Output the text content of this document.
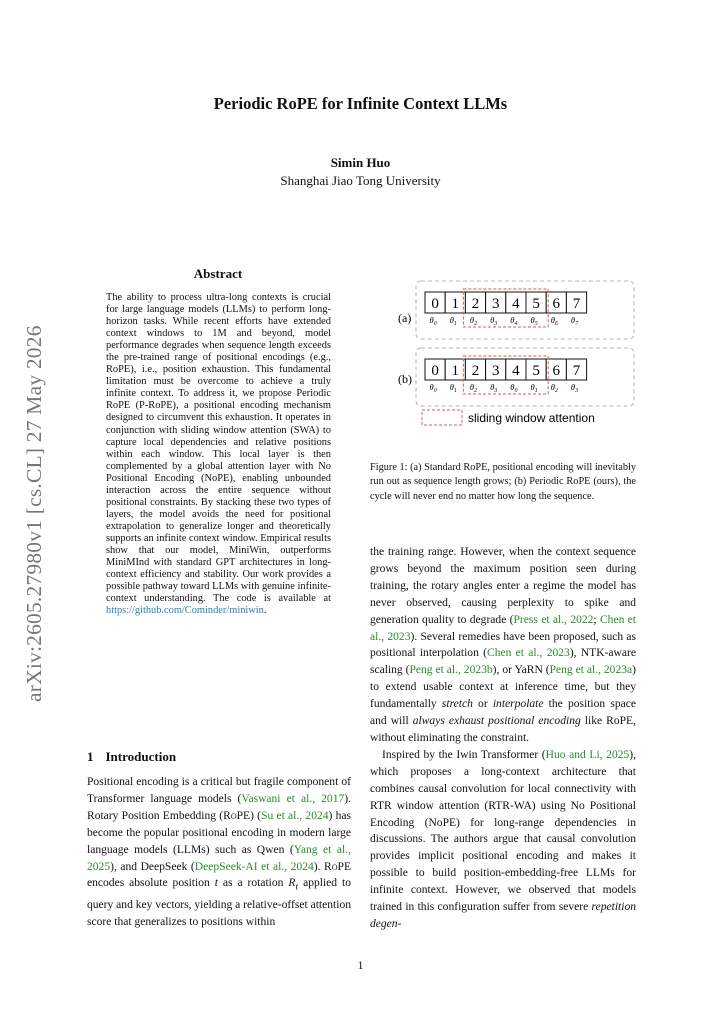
arXiv:2605.27980v1 [cs.CL] 27 May 2026
Periodic RoPE for Infinite Context LLMs
Simin Huo
Shanghai Jiao Tong University
Abstract
The ability to process ultra-long contexts is crucial for large language models (LLMs) to perform long-horizon tasks. While recent efforts have extended context windows to 1M and beyond, model performance degrades when sequence length exceeds the pre-trained range of positional encodings (e.g., RoPE), i.e., position exhaustion. This fundamental limitation must be overcome to achieve a truly infinite context. To address it, we propose Periodic RoPE (P-RoPE), a positional encoding mechanism designed to circumvent this exhaustion. It operates in conjunction with sliding window attention (SWA) to capture local dependencies and relative positions within each window. This local layer is then complemented by a global attention layer with No Positional Encoding (NoPE), enabling unbounded interaction across the entire sequence without positional constraints. By stacking these two types of layers, the model avoids the need for positional extrapolation to generalize longer and theoretically supports an infinite context window. Empirical results show that our model, MiniWin, outperforms MiniMInd with standard GPT architectures in long-context efficiency and stability. Our work provides a possible pathway toward LLMs with genuine infinite-context understanding. The code is available at https://github.com/Cominder/miniwin.
1 Introduction
Positional encoding is a critical but fragile component of Transformer language models (Vaswani et al., 2017). Rotary Position Embedding (RoPE) (Su et al., 2024) has become the popular positional encoding in modern large language models (LLMs) such as Qwen (Yang et al., 2025), and DeepSeek (DeepSeek-AI et al., 2024). RoPE encodes absolute position t as a rotation $R_t$ applied to query and key vectors, yielding a relative-offset attention score that generalizes to positions within

the training range. However, when the context sequence grows beyond the maximum position seen during training, the rotary angles enter a regime the model has never observed, causing perplexity to spike and generation quality to degrade (Press et al., 2022; Chen et al., 2023). Several remedies have been proposed, such as positional interpolation (Chen et al., 2023), NTK-aware scaling (Peng et al., 2023b), or YaRN (Peng et al., 2023a) to extend usable context at inference time, but they fundamentally stretch or interpolate the position space and will always exhaust positional encoding like RoPE, without eliminating the constraint.

Inspired by the Iwin Transformer (Huo and Li, 2025), which proposes a long-context architecture that combines causal convolution for local connectivity with RTR window attention (RTR-WA) using No Positional Encoding (NoPE) for long-range dependencies in discussions. The authors argue that causal convolution provides implicit positional encoding and makes it possible to build position-embedding-free LLMs for infinite context. However, we observed that models trained in this configuration suffer from severe repetition degen-

(a)
(b)
0
$\theta_0$
1
$\theta_1$
2
$\theta_2$
3
$\theta_3$
4
$\theta_4$
5
$\theta_5$
6
$\theta_6$
7
$\theta_7$
0
$\theta_0$
1
$\theta_1$
2
$\theta_2$
3
$\theta_3$
4
$\theta_0$
5
$\theta_1$
6
$\theta_2$
7
$\theta_3$
sliding window attention
Figure 1: (a) Standard RoPE, positional encoding will inevitably run out as sequence length grows; (b) Periodic RoPE (ours), the cycle will never end no matter how long the sequence.
1
